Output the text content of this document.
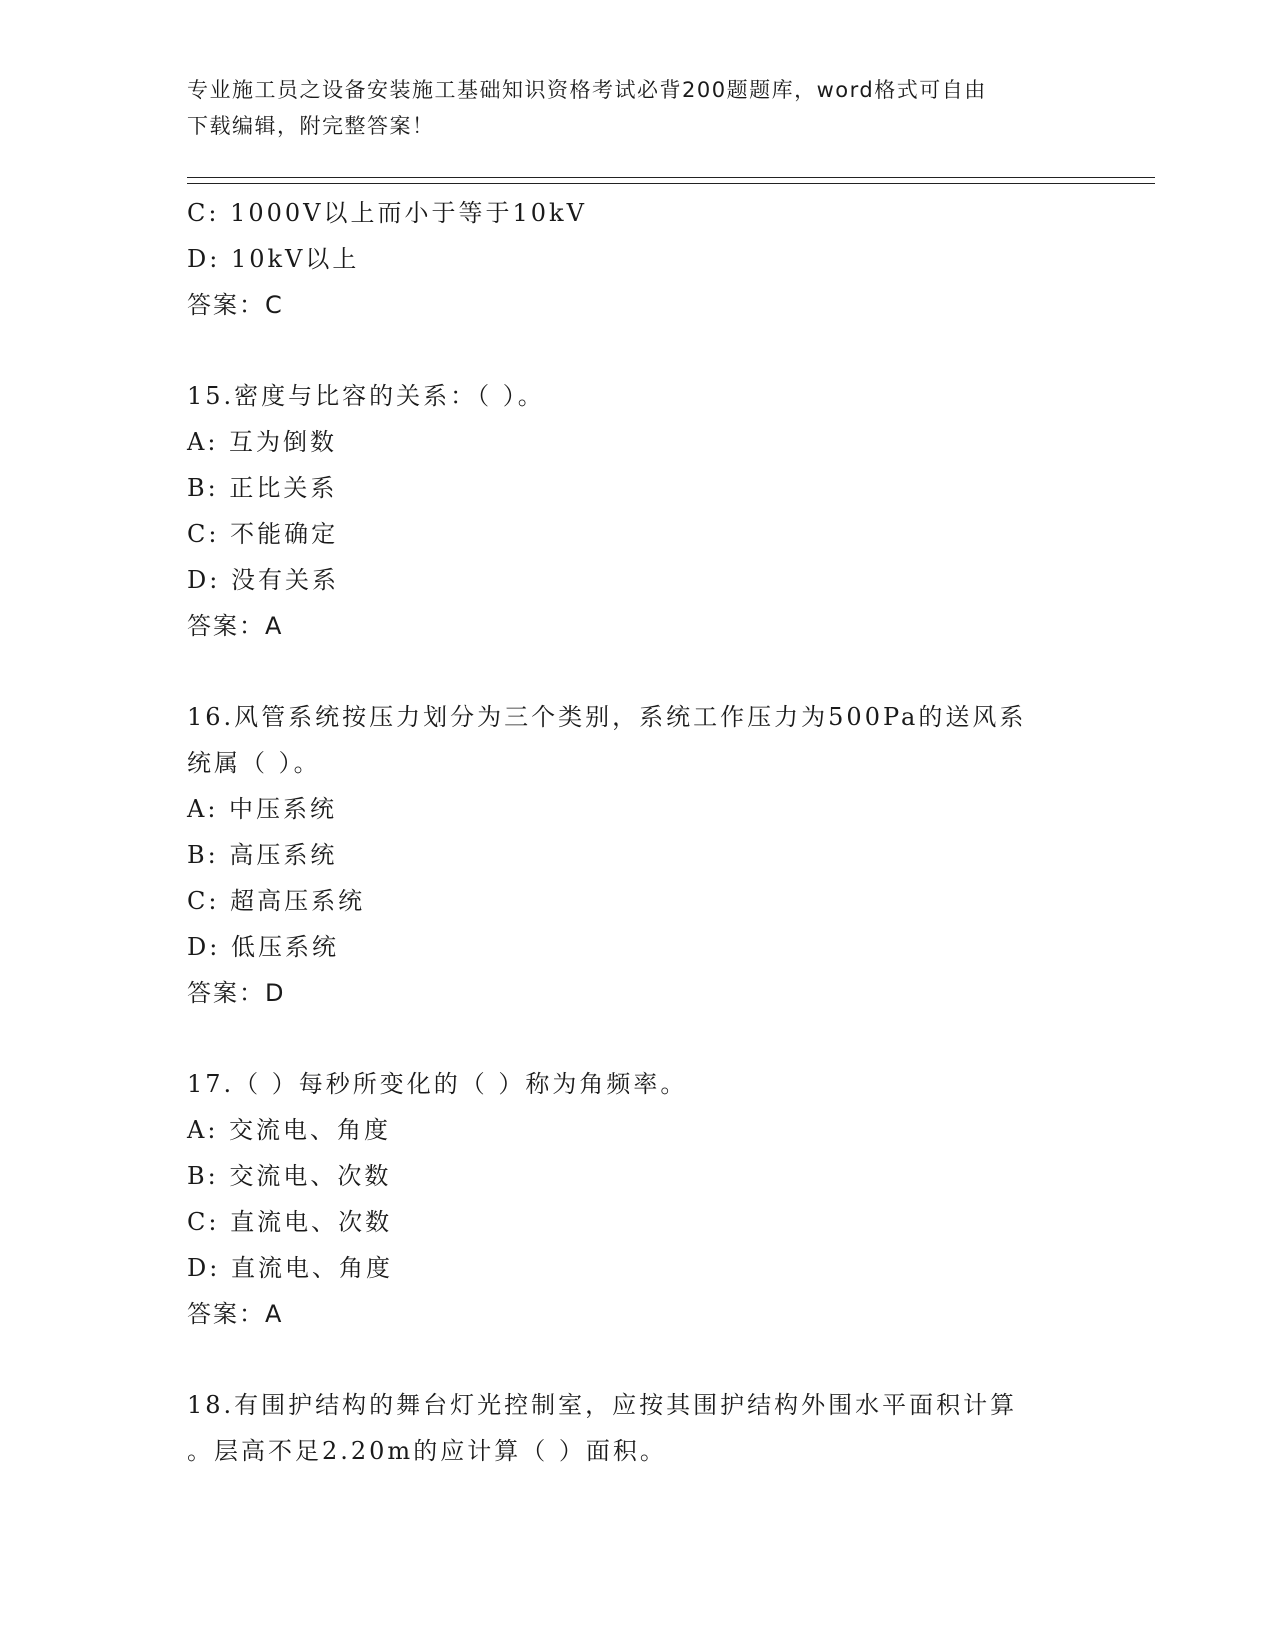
专业施工员之设备安装施工基础知识资格考试必背200题题库，word格式可自由
下载编辑，附完整答案！
C: 1000V以上而小于等于10kV
D: 10kV以上
答案：C
15.密度与比容的关系：（ ）。
A: 互为倒数
B: 正比关系
C: 不能确定
D: 没有关系
答案：A
16.风管系统按压力划分为三个类别，系统工作压力为500Pa的送风系
统属（ ）。
A: 中压系统
B: 高压系统
C: 超高压系统
D: 低压系统
答案：D
17.（ ）每秒所变化的（ ）称为角频率。
A: 交流电、角度
B: 交流电、次数
C: 直流电、次数
D: 直流电、角度
答案：A
18.有围护结构的舞台灯光控制室，应按其围护结构外围水平面积计算
。层高不足2.20m的应计算（ ）面积。
